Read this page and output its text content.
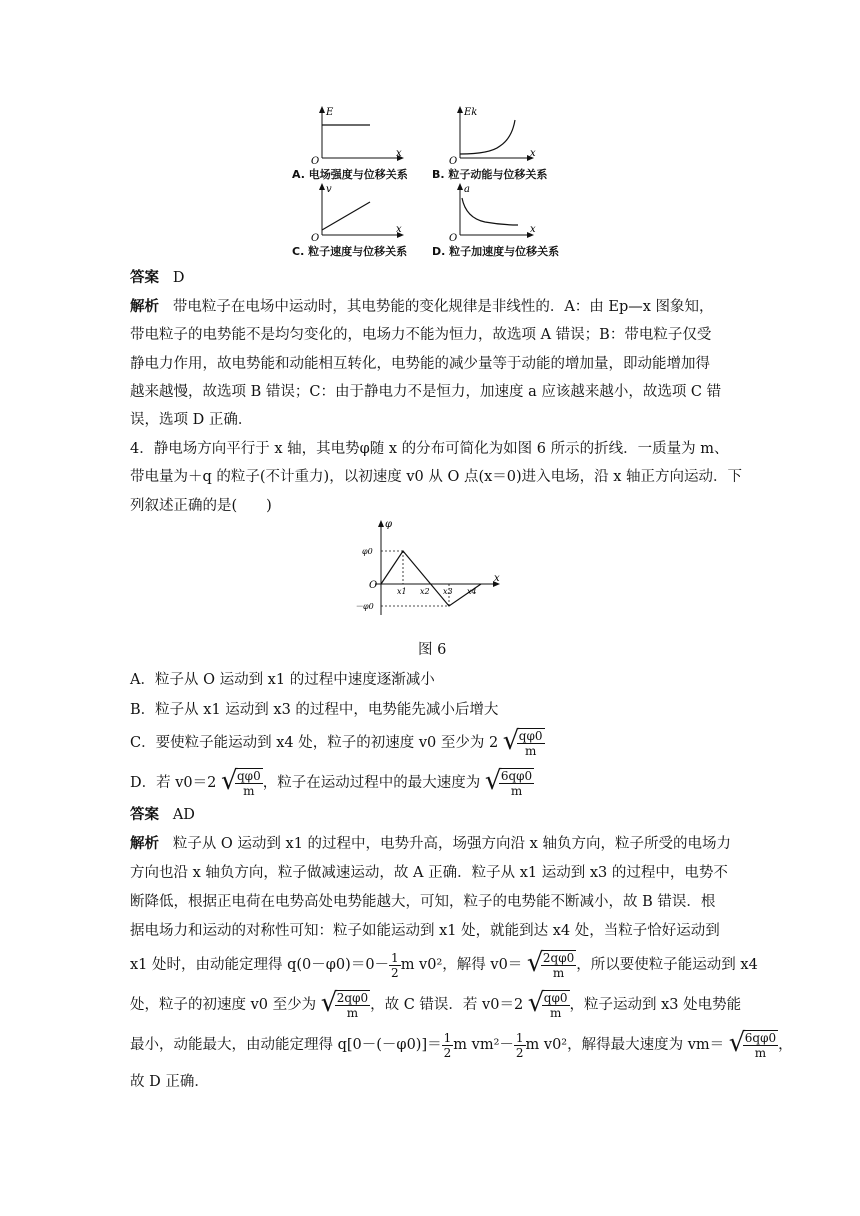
E
x
O
Ek
x
O
v
x
O
a
x
O
A. 电场强度与位移关系 B. 粒子动能与位移关系
C. 粒子速度与位移关系 D. 粒子加速度与位移关系
答案 D
解析 带电粒子在电场中运动时，其电势能的变化规律是非线性的．A：由 Ep—x 图象知，
带电粒子的电势能不是均匀变化的，电场力不能为恒力，故选项 A 错误；B：带电粒子仅受
静电力作用，故电势能和动能相互转化，电势能的减少量等于动能的增加量，即动能增加得
越来越慢，故选项 B 错误；C：由于静电力不是恒力，加速度 a 应该越来越小，故选项 C 错
误，选项 D 正确．
4．静电场方向平行于 x 轴，其电势φ随 x 的分布可简化为如图 6 所示的折线．一质量为 m、
带电量为＋q 的粒子(不计重力)，以初速度 v0 从 O 点(x＝0)进入电场，沿 x 轴正方向运动．下
列叙述正确的是(　　)
φ
x
O
φ0
－φ0
x1 x2 x3 x4
图 6
A．粒子从 O 运动到 x1 的过程中速度逐渐减小
B．粒子从 x1 运动到 x3 的过程中，电势能先减小后增大
C．要使粒子能运动到 x4 处，粒子的初速度 v0 至少为 2 √ $\frac{q\varphi 0}{m}$
D．若 v0＝2 √ $\frac{q\varphi 0}{m}$ ，粒子在运动过程中的最大速度为 √ $\frac{6q\varphi 0}{m}$
答案 AD
解析 粒子从 O 运动到 x1 的过程中，电势升高，场强方向沿 x 轴负方向，粒子所受的电场力
方向也沿 x 轴负方向，粒子做减速运动，故 A 正确．粒子从 x1 运动到 x3 的过程中，电势不
断降低，根据正电荷在电势高处电势能越大，可知，粒子的电势能不断减小，故 B 错误．根
据电场力和运动的对称性可知：粒子如能运动到 x1 处，就能到达 x4 处，当粒子恰好运动到
x1 处时，由动能定理得 $q(0-\varphi 0)=0- \frac{1}{2}$ m v0²，解得 v0＝ √ $\frac{2q\varphi 0}{m}$ ，所以要使粒子能运动到 x4
处，粒子的初速度 v0 至少为 √ $\frac{2q\varphi 0}{m}$ ，故 C 错误．若 v0＝2 √ $\frac{q\varphi 0}{m}$ ，粒子运动到 x3 处电势能
最小，动能最大，由动能定理得 $q[0-(-\varphi 0)]= \frac{1}{2}$ m $vm^2- \frac{1}{2}$ m v0²，解得最大速度为 vm＝ √ $\frac{6q\varphi 0}{m}$ ，
故 D 正确．
